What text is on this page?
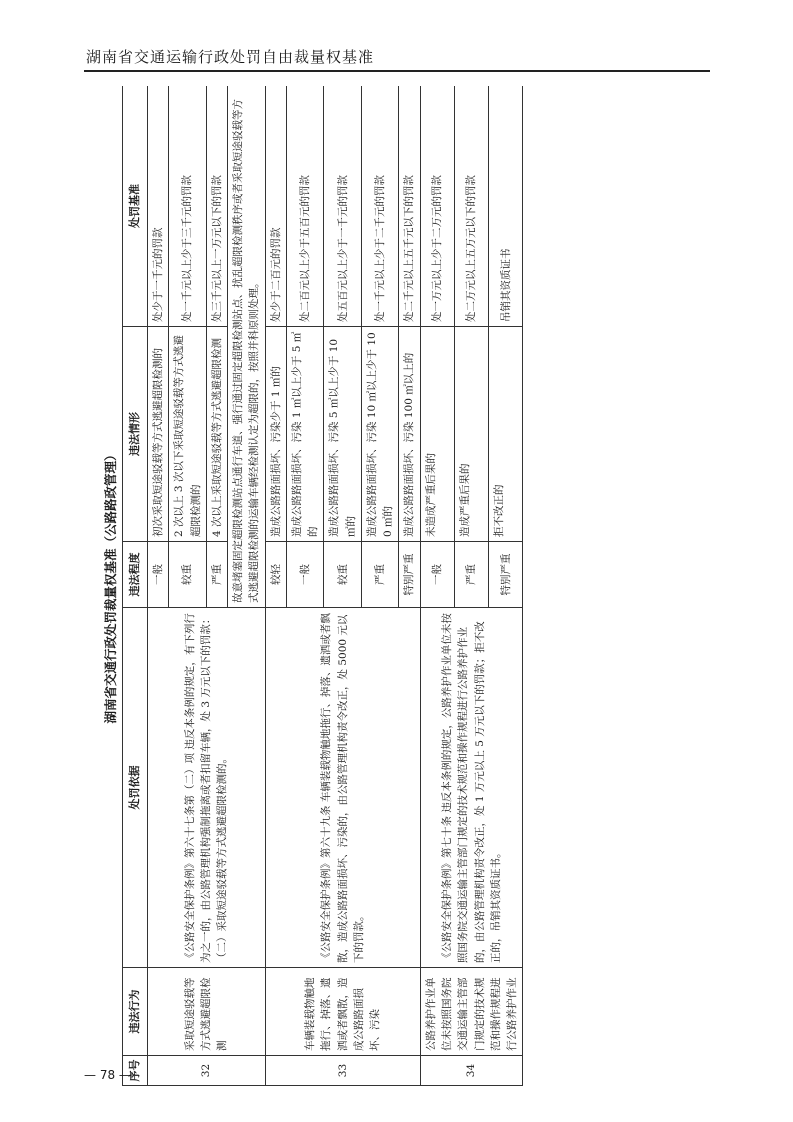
湖南省交通运输行政处罚自由裁量权基准
湖南省交通行政处罚裁量权基准（公路路政管理）
序号	违法行为	处罚依据	违法程度	违法情形	处罚基准
32	采取短途驳载等方式逃避超限检测	《公路安全保护条例》第六十七条第（二）项 违反本条例的规定，有下列行为之一的，由公路管理机构强制拖离或者扣留车辆，处 3 万元以下的罚款：（二）采取短途驳载等方式逃避超限检测的。	一般	初次采取短途驳载等方式逃避超限检测的	处少于一千元的罚款
			较重	2 次以上 3 次以下采取短途驳载等方式逃避超限检测的	处一千元以上少于三千元的罚款
			严重	4 次以上采取短途驳载等方式逃避超限检测	处三千元以上一万元以下的罚款
			故意堵塞固定超限检测站点通行车道、强行通过固定超限检测站点、扰乱超限检测秩序或者采取短途驳载等方式逃避超限检测的运输车辆经检测认定为超限的，按照并科原则处理。		
33	车辆装载物触地拖行、掉落、遗洒或者飘散，造成公路路面损坏、污染	《公路安全保护条例》第六十九条 车辆装载物触地拖行、掉落、遗洒或者飘散，造成公路路面损坏、污染的，由公路管理机构责令改正，处 5000 元以下的罚款。	较轻	造成公路路面损坏、污染少于 1 ㎡的	处少于二百元的罚款
			一般	造成公路路面损坏、污染 1 ㎡以上少于 5 ㎡的	处二百元以上少于五百元的罚款
			较重	造成公路路面损坏、污染 5 ㎡以上少于 10 ㎡的	处五百元以上少于一千元的罚款
			严重	造成公路路面损坏、污染 10 ㎡以上少于 100 ㎡的	处一千元以上少于二千元的罚款
			特别严重	造成公路路面损坏、污染 100 ㎡以上的	处二千元以上五千元以下的罚款
34	公路养护作业单位未按照国务院交通运输主管部门规定的技术规范和操作规程进行公路养护作业	《公路安全保护条例》第七十条 违反本条例的规定，公路养护作业单位未按照国务院交通运输主管部门规定的技术规范和操作规程进行公路养护作业的，由公路管理机构责令改正，处 1 万元以上 5 万元以下的罚款；拒不改正的，吊销其资质证书。	一般	未造成严重后果的	处一万元以上少于二万元的罚款
			严重	造成严重后果的	处二万元以上五万元以下的罚款
			特别严重	拒不改正的	吊销其资质证书
— 78 —
